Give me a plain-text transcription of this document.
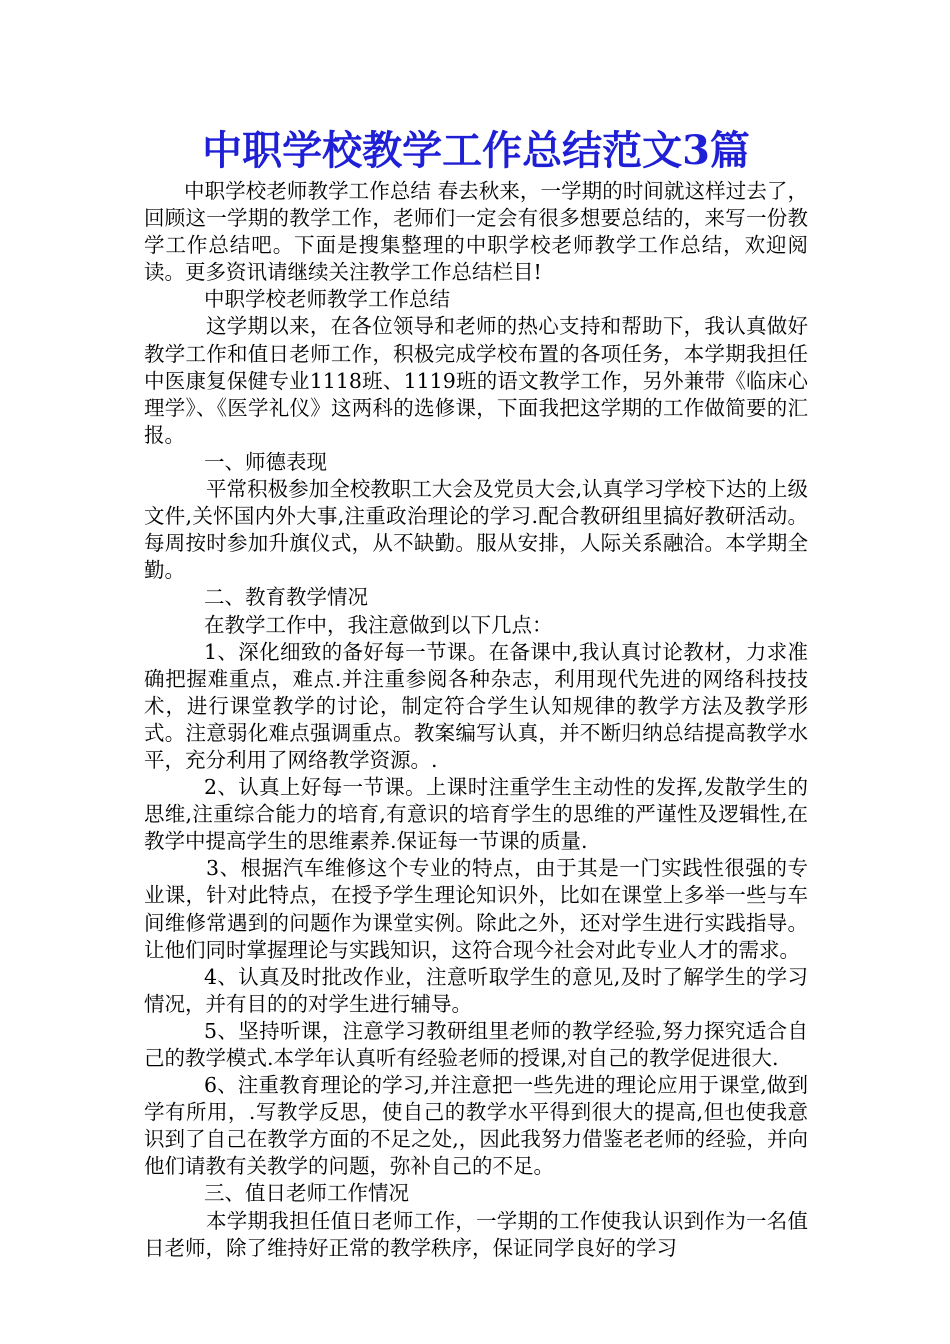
中职学校教学工作总结范文3篇

中职学校老师教学工作总结 春去秋来，一学期的时间就这样过去了，回顾这一学期的教学工作，老师们一定会有很多想要总结的，来写一份教学工作总结吧。下面是搜集整理的中职学校老师教学工作总结，欢迎阅读。更多资讯请继续关注教学工作总结栏目!

中职学校老师教学工作总结

这学期以来，在各位领导和老师的热心支持和帮助下，我认真做好教学工作和值日老师工作，积极完成学校布置的各项任务，本学期我担任中医康复保健专业1118班、1119班的语文教学工作，另外兼带《临床心理学》、《医学礼仪》这两科的选修课，下面我把这学期的工作做简要的汇报。

一、师德表现

平常积极参加全校教职工大会及党员大会,认真学习学校下达的上级文件,关怀国内外大事,注重政治理论的学习.配合教研组里搞好教研活动。每周按时参加升旗仪式，从不缺勤。服从安排，人际关系融洽。本学期全勤。

二、教育教学情况

在教学工作中，我注意做到以下几点：

1、深化细致的备好每一节课。在备课中,我认真讨论教材，力求准确把握难重点，难点.并注重参阅各种杂志，利用现代先进的网络科技技术，进行课堂教学的讨论，制定符合学生认知规律的教学方法及教学形式。注意弱化难点强调重点。教案编写认真，并不断归纳总结提高教学水平，充分利用了网络教学资源。.

2、认真上好每一节课。上课时注重学生主动性的发挥,发散学生的思维,注重综合能力的培育,有意识的培育学生的思维的严谨性及逻辑性,在教学中提高学生的思维素养.保证每一节课的质量.

3、根据汽车维修这个专业的特点，由于其是一门实践性很强的专业课，针对此特点，在授予学生理论知识外，比如在课堂上多举一些与车间维修常遇到的问题作为课堂实例。除此之外，还对学生进行实践指导。让他们同时掌握理论与实践知识，这符合现今社会对此专业人才的需求。

4、认真及时批改作业，注意听取学生的意见,及时了解学生的学习情况，并有目的的对学生进行辅导。

5、坚持听课，注意学习教研组里老师的教学经验,努力探究适合自己的教学模式.本学年认真听有经验老师的授课,对自己的教学促进很大.

6、注重教育理论的学习,并注意把一些先进的理论应用于课堂,做到学有所用，.写教学反思，使自己的教学水平得到很大的提高,但也使我意识到了自己在教学方面的不足之处,，因此我努力借鉴老老师的经验，并向他们请教有关教学的问题，弥补自己的不足。

三、值日老师工作情况

本学期我担任值日老师工作，一学期的工作使我认识到作为一名值日老师，除了维持好正常的教学秩序，保证同学良好的学习
